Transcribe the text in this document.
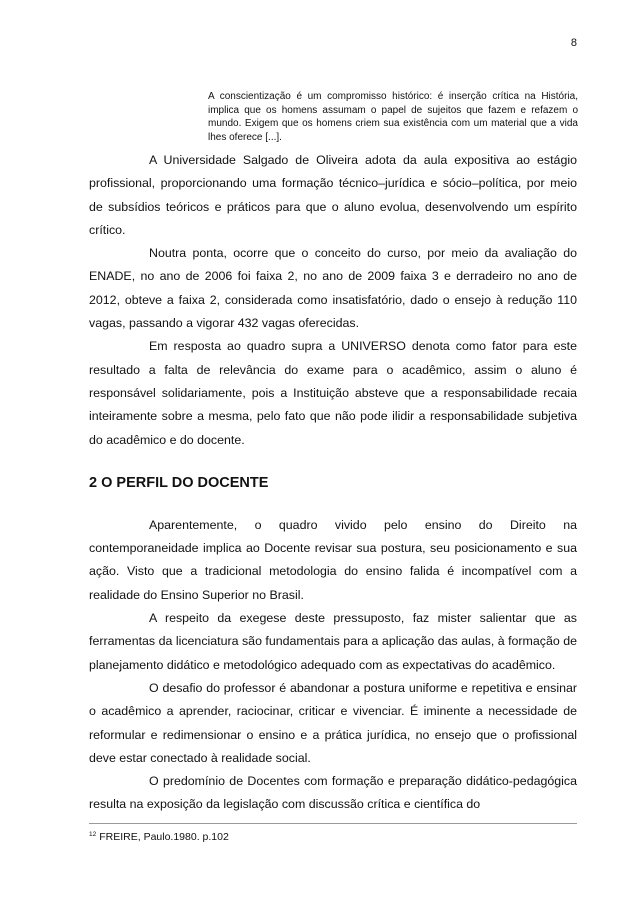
8
A conscientização é um compromisso histórico: é inserção crítica na História, implica que os homens assumam o papel de sujeitos que fazem e refazem o mundo. Exigem que os homens criem sua existência com um material que a vida lhes oferece [...].

A Universidade Salgado de Oliveira adota da aula expositiva ao estágio profissional, proporcionando uma formação técnico–jurídica e sócio–política, por meio de subsídios teóricos e práticos para que o aluno evolua, desenvolvendo um espírito crítico.

Noutra ponta, ocorre que o conceito do curso, por meio da avaliação do ENADE, no ano de 2006 foi faixa 2, no ano de 2009 faixa 3 e derradeiro no ano de 2012, obteve a faixa 2, considerada como insatisfatório, dado o ensejo à redução 110 vagas, passando a vigorar 432 vagas oferecidas.

Em resposta ao quadro supra a UNIVERSO denota como fator para este resultado a falta de relevância do exame para o acadêmico, assim o aluno é responsável solidariamente, pois a Instituição absteve que a responsabilidade recaia inteiramente sobre a mesma, pelo fato que não pode ilidir a responsabilidade subjetiva do acadêmico e do docente.

2 O PERFIL DO DOCENTE

Aparentemente, o quadro vivido pelo ensino do Direito na contemporaneidade implica ao Docente revisar sua postura, seu posicionamento e sua ação. Visto que a tradicional metodologia do ensino falida é incompatível com a realidade do Ensino Superior no Brasil.

A respeito da exegese deste pressuposto, faz mister salientar que as ferramentas da licenciatura são fundamentais para a aplicação das aulas, à formação de planejamento didático e metodológico adequado com as expectativas do acadêmico.

O desafio do professor é abandonar a postura uniforme e repetitiva e ensinar o acadêmico a aprender, raciocinar, criticar e vivenciar. É iminente a necessidade de reformular e redimensionar o ensino e a prática jurídica, no ensejo que o profissional deve estar conectado à realidade social.

O predomínio de Docentes com formação e preparação didático-pedagógica resulta na exposição da legislação com discussão crítica e científica do

$^{12}$ FREIRE, Paulo.1980. p.102
